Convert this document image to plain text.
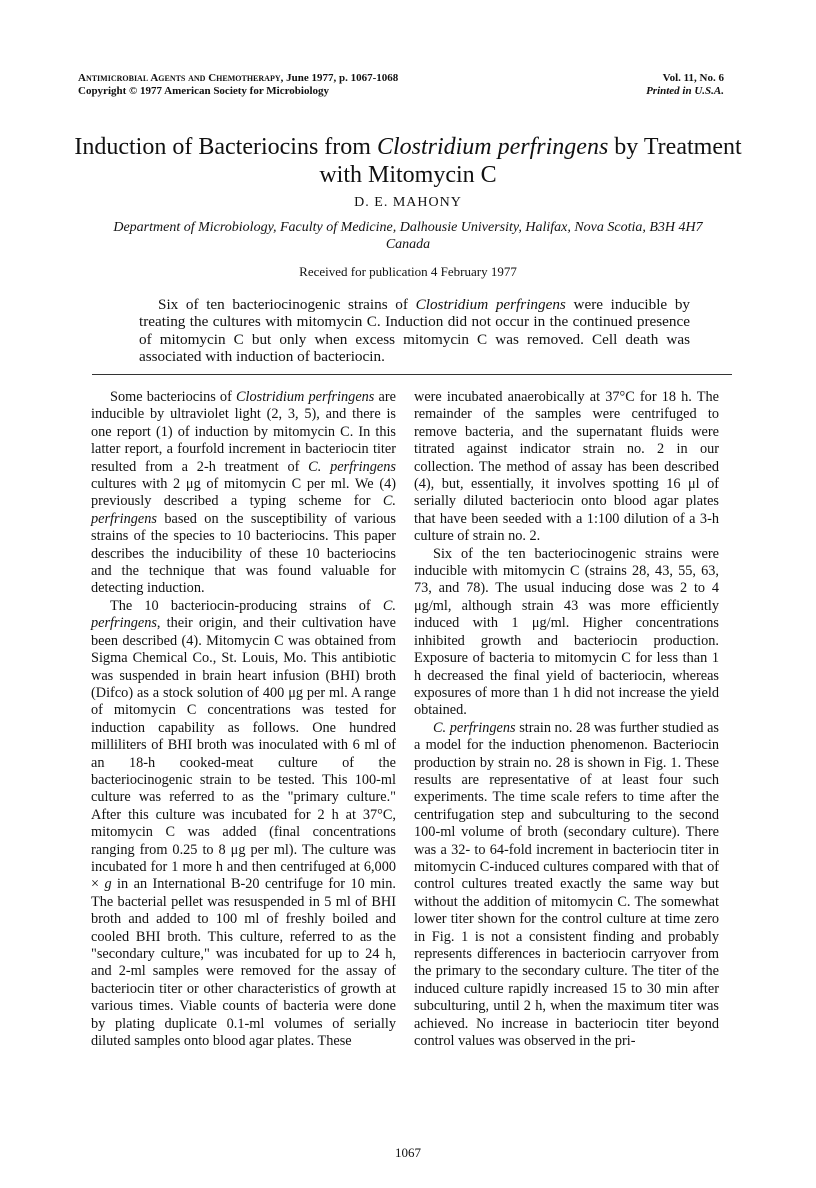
Antimicrobial Agents and Chemotherapy, June 1977, p. 1067-1068
Copyright © 1977 American Society for Microbiology
Vol. 11, No. 6
Printed in U.S.A.
Induction of Bacteriocins from Clostridium perfringens by Treatment with Mitomycin C
D. E. MAHONY
Department of Microbiology, Faculty of Medicine, Dalhousie University, Halifax, Nova Scotia, B3H 4H7 Canada
Received for publication 4 February 1977
Six of ten bacteriocinogenic strains of Clostridium perfringens were inducible by treating the cultures with mitomycin C. Induction did not occur in the continued presence of mitomycin C but only when excess mitomycin C was removed. Cell death was associated with induction of bacteriocin.

Some bacteriocins of Clostridium perfringens are inducible by ultraviolet light (2, 3, 5), and there is one report (1) of induction by mitomycin C. In this latter report, a fourfold increment in bacteriocin titer resulted from a 2-h treatment of C. perfringens cultures with 2 μg of mitomycin C per ml. We (4) previously described a typing scheme for C. perfringens based on the susceptibility of various strains of the species to 10 bacteriocins. This paper describes the inducibility of these 10 bacteriocins and the technique that was found valuable for detecting induction.

The 10 bacteriocin-producing strains of C. perfringens, their origin, and their cultivation have been described (4). Mitomycin C was obtained from Sigma Chemical Co., St. Louis, Mo. This antibiotic was suspended in brain heart infusion (BHI) broth (Difco) as a stock solution of 400 μg per ml. A range of mitomycin C concentrations was tested for induction capability as follows. One hundred milliliters of BHI broth was inoculated with 6 ml of an 18-h cooked-meat culture of the bacteriocinogenic strain to be tested. This 100-ml culture was referred to as the "primary culture." After this culture was incubated for 2 h at 37°C, mitomycin C was added (final concentrations ranging from 0.25 to 8 μg per ml). The culture was incubated for 1 more h and then centrifuged at 6,000 × g in an International B-20 centrifuge for 10 min. The bacterial pellet was resuspended in 5 ml of BHI broth and added to 100 ml of freshly boiled and cooled BHI broth. This culture, referred to as the "secondary culture," was incubated for up to 24 h, and 2-ml samples were removed for the assay of bacteriocin titer or other characteristics of growth at various times. Viable counts of bacteria were done by plating duplicate 0.1-ml volumes of serially diluted samples onto blood agar plates. These

were incubated anaerobically at 37°C for 18 h. The remainder of the samples were centrifuged to remove bacteria, and the supernatant fluids were titrated against indicator strain no. 2 in our collection. The method of assay has been described (4), but, essentially, it involves spotting 16 μl of serially diluted bacteriocin onto blood agar plates that have been seeded with a 1:100 dilution of a 3-h culture of strain no. 2.

Six of the ten bacteriocinogenic strains were inducible with mitomycin C (strains 28, 43, 55, 63, 73, and 78). The usual inducing dose was 2 to 4 μg/ml, although strain 43 was more efficiently induced with 1 μg/ml. Higher concentrations inhibited growth and bacteriocin production. Exposure of bacteria to mitomycin C for less than 1 h decreased the final yield of bacteriocin, whereas exposures of more than 1 h did not increase the yield obtained.

C. perfringens strain no. 28 was further studied as a model for the induction phenomenon. Bacteriocin production by strain no. 28 is shown in Fig. 1. These results are representative of at least four such experiments. The time scale refers to time after the centrifugation step and subculturing to the second 100-ml volume of broth (secondary culture). There was a 32- to 64-fold increment in bacteriocin titer in mitomycin C-induced cultures compared with that of control cultures treated exactly the same way but without the addition of mitomycin C. The somewhat lower titer shown for the control culture at time zero in Fig. 1 is not a consistent finding and probably represents differences in bacteriocin carryover from the primary to the secondary culture. The titer of the induced culture rapidly increased 15 to 30 min after subculturing, until 2 h, when the maximum titer was achieved. No increase in bacteriocin titer beyond control values was observed in the pri-

1067
